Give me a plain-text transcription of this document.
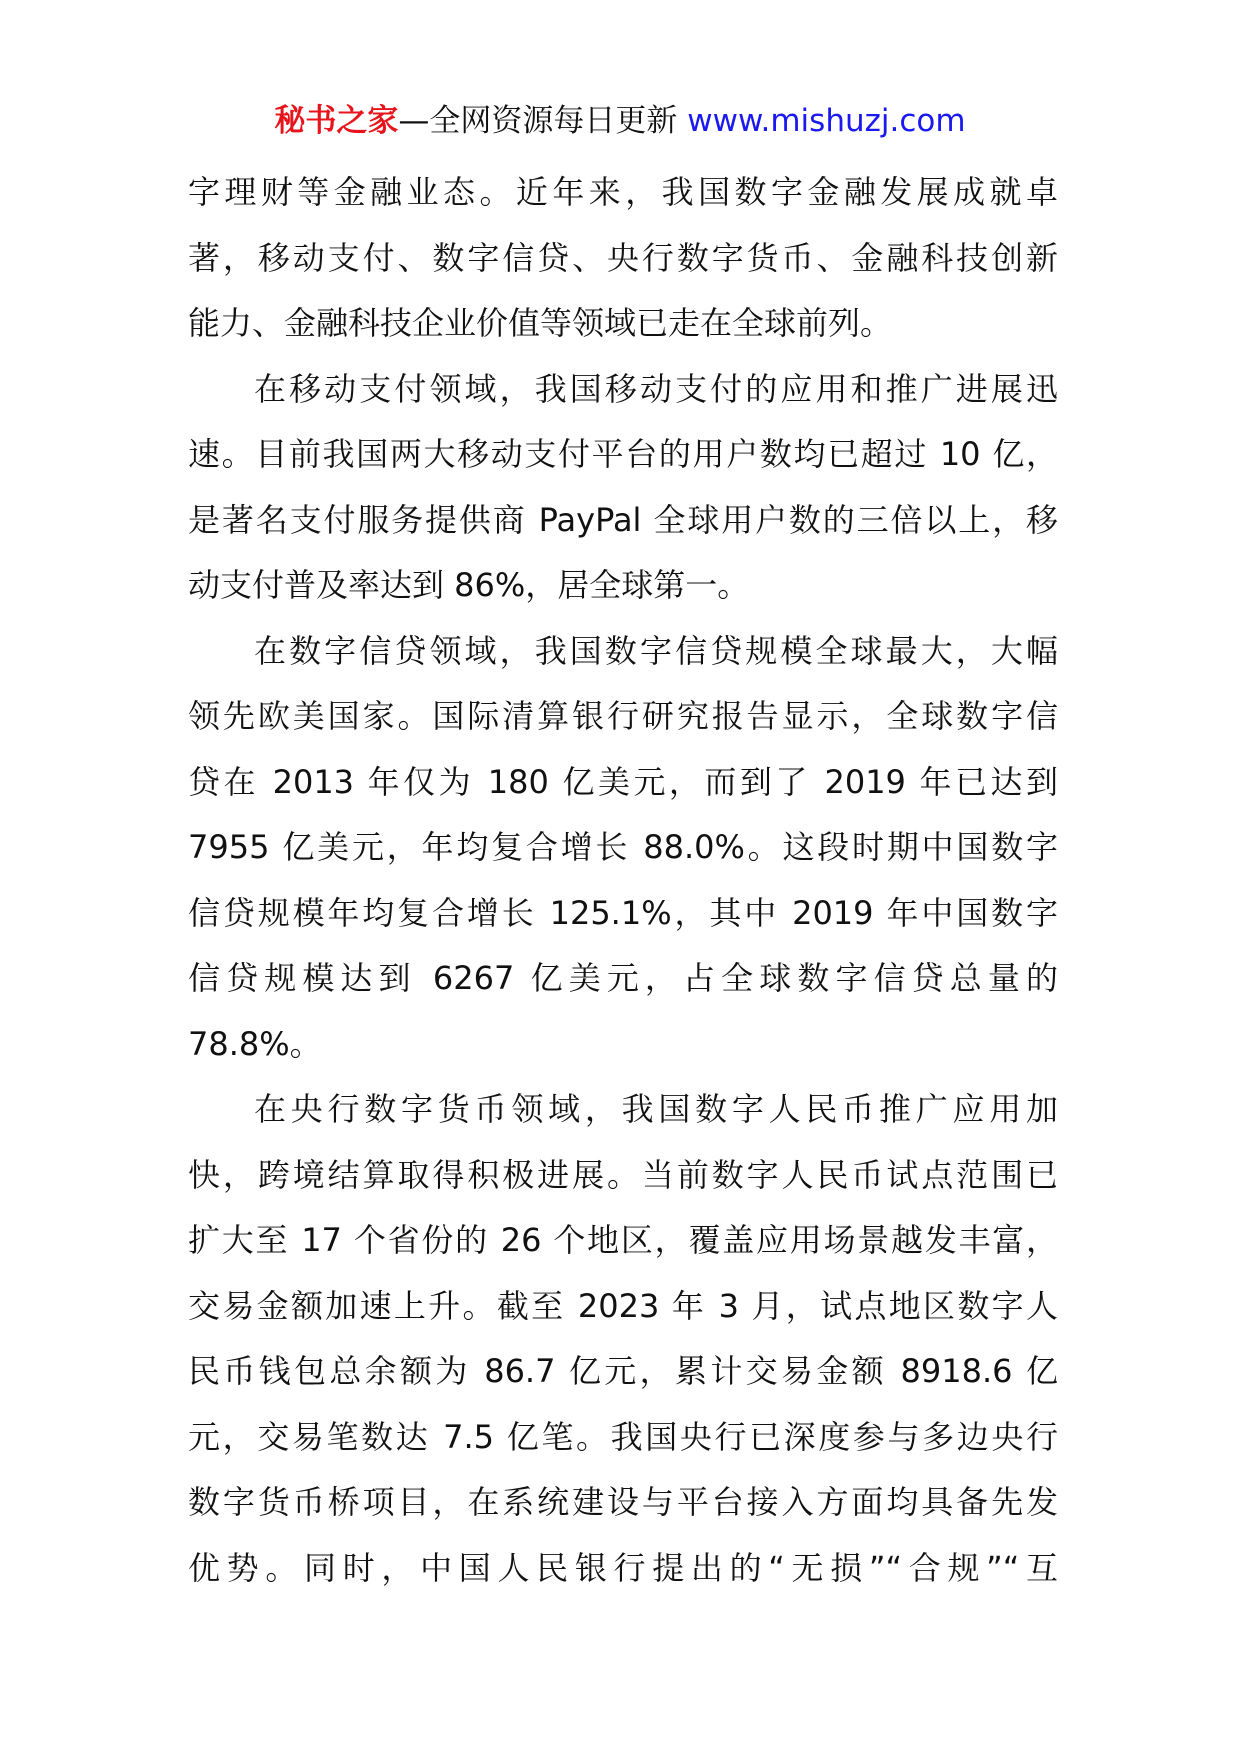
秘书之家—全网资源每日更新 www.mishuzj.com
字理财等金融业态。近年来，我国数字金融发展成就卓
著，移动支付、数字信贷、央行数字货币、金融科技创新
能力、金融科技企业价值等领域已走在全球前列。
在移动支付领域，我国移动支付的应用和推广进展迅
速。目前我国两大移动支付平台的用户数均已超过 10 亿，
是著名支付服务提供商 PayPal 全球用户数的三倍以上，移
动支付普及率达到 86%，居全球第一。
在数字信贷领域，我国数字信贷规模全球最大，大幅
领先欧美国家。国际清算银行研究报告显示，全球数字信
贷在 2013 年仅为 180 亿美元，而到了 2019 年已达到
7955 亿美元，年均复合增长 88.0%。这段时期中国数字
信贷规模年均复合增长 125.1%，其中 2019 年中国数字
信贷规模达到 6267 亿美元，占全球数字信贷总量的
78.8%。
在央行数字货币领域，我国数字人民币推广应用加
快，跨境结算取得积极进展。当前数字人民币试点范围已
扩大至 17 个省份的 26 个地区，覆盖应用场景越发丰富，
交易金额加速上升。截至 2023 年 3 月，试点地区数字人
民币钱包总余额为 86.7 亿元，累计交易金额 8918.6 亿
元，交易笔数达 7.5 亿笔。我国央行已深度参与多边央行
数字货币桥项目，在系统建设与平台接入方面均具备先发
优势。同时，中国人民银行提出的“无损”“合规”“互
